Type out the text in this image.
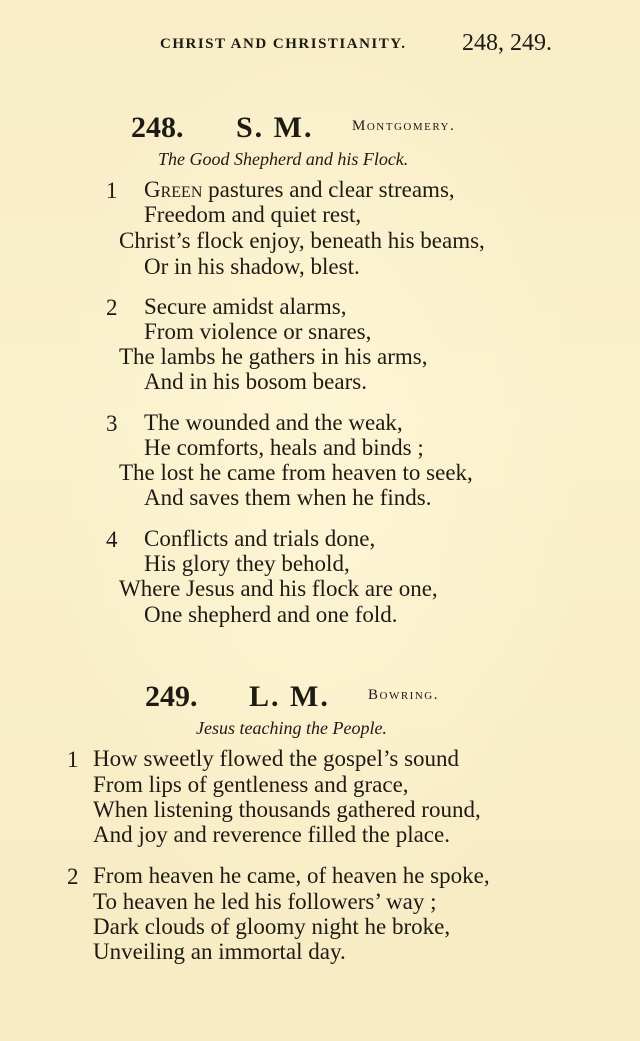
CHRIST AND CHRISTIANITY. 248, 249.
248. S. M.	Montgomery.
The Good Shepherd and his Flock.
1 Green pastures and clear streams,
Freedom and quiet rest,
Christ’s flock enjoy, beneath his beams,
Or in his shadow, blest.
2 Secure amidst alarms,
From violence or snares,
The lambs he gathers in his arms,
And in his bosom bears.
3 The wounded and the weak,
He comforts, heals and binds ;
The lost he came from heaven to seek,
And saves them when he finds.
4 Conflicts and trials done,
His glory they behold,
Where Jesus and his flock are one,
One shepherd and one fold.
249. L. M.	Bowring.
Jesus teaching the People.
1 How sweetly flowed the gospel’s sound
From lips of gentleness and grace,
When listening thousands gathered round,
And joy and reverence filled the place.
2 From heaven he came, of heaven he spoke,
To heaven he led his followers’ way ;
Dark clouds of gloomy night he broke,
Unveiling an immortal day.
